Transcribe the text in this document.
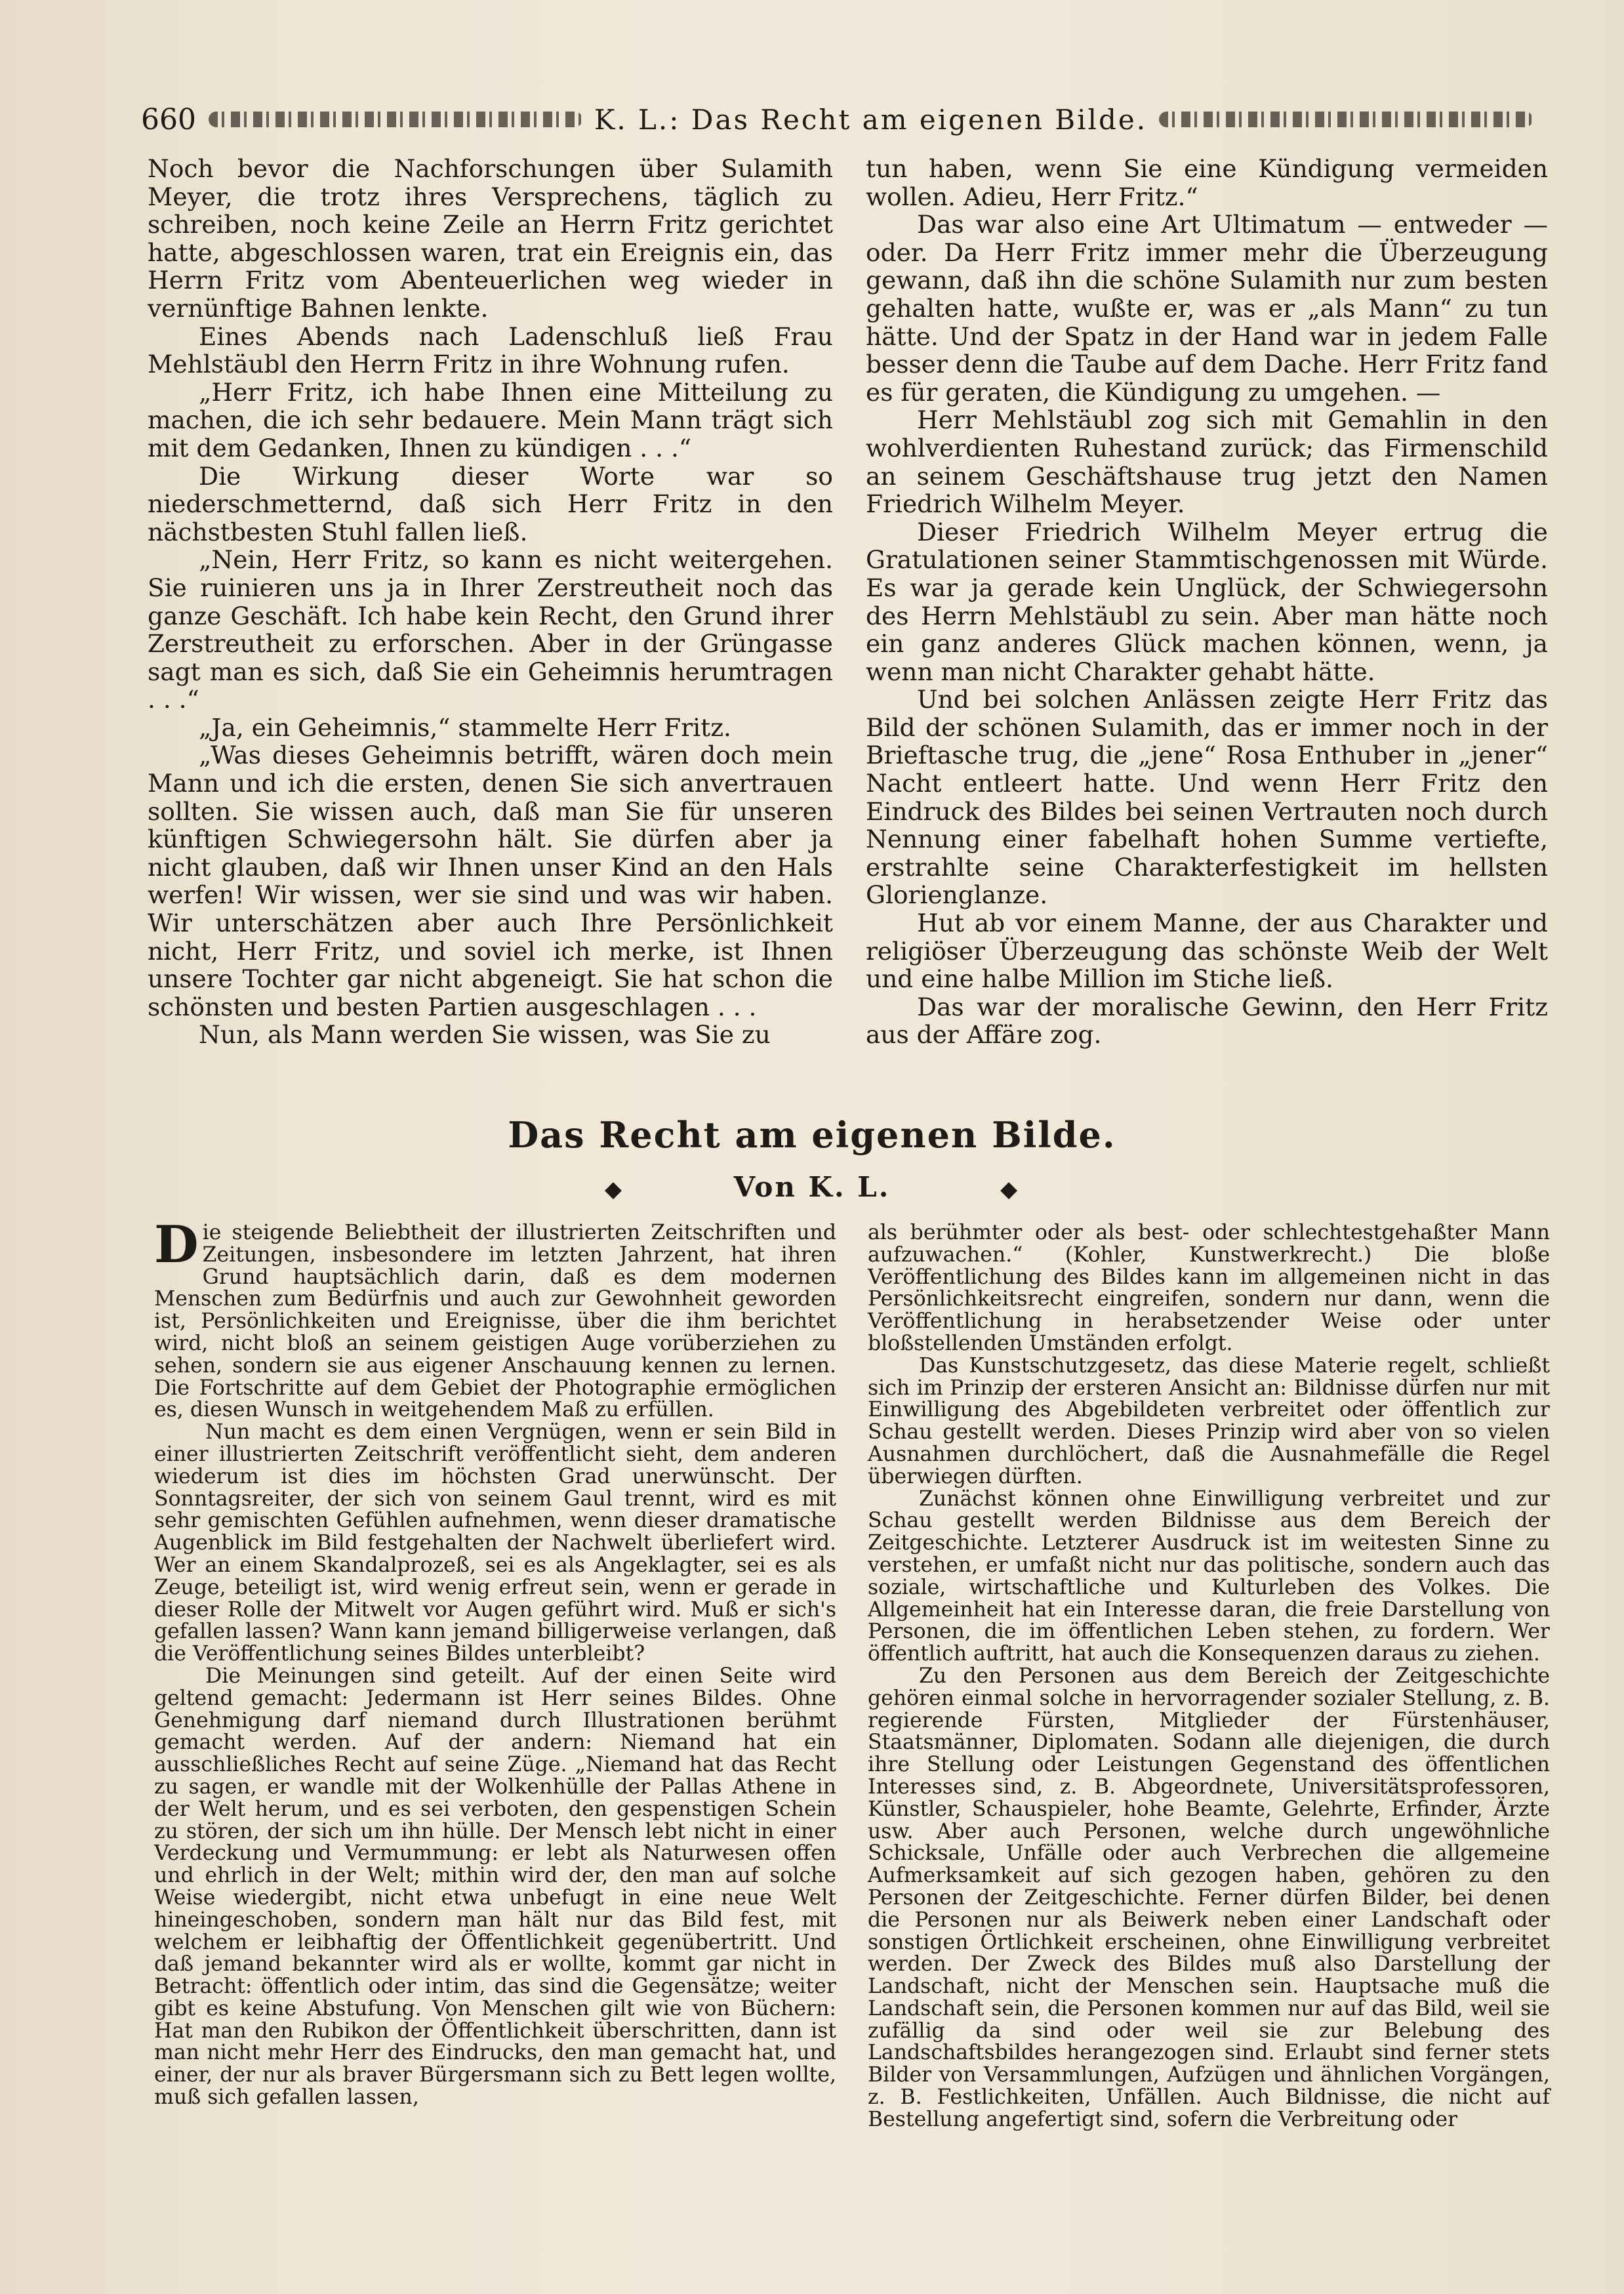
660	K. L.: Das Recht am eigenen Bilde.

Noch bevor die Nachforschungen über Sulamith Meyer, die trotz ihres Versprechens, täglich zu schreiben, noch keine Zeile an Herrn Fritz gerichtet hatte, abgeschlossen waren, trat ein Ereignis ein, das Herrn Fritz vom Abenteuerlichen weg wieder in vernünftige Bahnen lenkte.

Eines Abends nach Ladenschluß ließ Frau Mehlstäubl den Herrn Fritz in ihre Wohnung rufen.

„Herr Fritz, ich habe Ihnen eine Mitteilung zu machen, die ich sehr bedauere. Mein Mann trägt sich mit dem Gedanken, Ihnen zu kündigen . . .“

Die Wirkung dieser Worte war so niederschmetternd, daß sich Herr Fritz in den nächstbesten Stuhl fallen ließ.

„Nein, Herr Fritz, so kann es nicht weitergehen. Sie ruinieren uns ja in Ihrer Zerstreutheit noch das ganze Geschäft. Ich habe kein Recht, den Grund ihrer Zerstreutheit zu erforschen. Aber in der Grüngasse sagt man es sich, daß Sie ein Geheimnis herumtragen . . .“

„Ja, ein Geheimnis,“ stammelte Herr Fritz.

„Was dieses Geheimnis betrifft, wären doch mein Mann und ich die ersten, denen Sie sich anvertrauen sollten. Sie wissen auch, daß man Sie für unseren künftigen Schwiegersohn hält. Sie dürfen aber ja nicht glauben, daß wir Ihnen unser Kind an den Hals werfen! Wir wissen, wer sie sind und was wir haben. Wir unterschätzen aber auch Ihre Persönlichkeit nicht, Herr Fritz, und soviel ich merke, ist Ihnen unsere Tochter gar nicht abgeneigt. Sie hat schon die schönsten und besten Partien ausgeschlagen . . .

Nun, als Mann werden Sie wissen, was Sie zu

tun haben, wenn Sie eine Kündigung vermeiden wollen. Adieu, Herr Fritz.“

Das war also eine Art Ultimatum — entweder — oder. Da Herr Fritz immer mehr die Überzeugung gewann, daß ihn die schöne Sulamith nur zum besten gehalten hatte, wußte er, was er „als Mann“ zu tun hätte. Und der Spatz in der Hand war in jedem Falle besser denn die Taube auf dem Dache. Herr Fritz fand es für geraten, die Kündigung zu umgehen. —

Herr Mehlstäubl zog sich mit Gemahlin in den wohlverdienten Ruhestand zurück; das Firmenschild an seinem Geschäftshause trug jetzt den Namen Friedrich Wilhelm Meyer.

Dieser Friedrich Wilhelm Meyer ertrug die Gratulationen seiner Stammtischgenossen mit Würde. Es war ja gerade kein Unglück, der Schwiegersohn des Herrn Mehlstäubl zu sein. Aber man hätte noch ein ganz anderes Glück machen können, wenn, ja wenn man nicht Charakter gehabt hätte.

Und bei solchen Anlässen zeigte Herr Fritz das Bild der schönen Sulamith, das er immer noch in der Brieftasche trug, die „jene“ Rosa Enthuber in „jener“ Nacht entleert hatte. Und wenn Herr Fritz den Eindruck des Bildes bei seinen Vertrauten noch durch Nennung einer fabelhaft hohen Summe vertiefte, erstrahlte seine Charakterfestigkeit im hellsten Glorienglanze.

Hut ab vor einem Manne, der aus Charakter und religiöser Überzeugung das schönste Weib der Welt und eine halbe Million im Stiche ließ.

Das war der moralische Gewinn, den Herr Fritz aus der Affäre zog.

Das Recht am eigenen Bilde.
◆	Von K. L.	◆

Die steigende Beliebtheit der illustrierten Zeitschriften und Zeitungen, insbesondere im letzten Jahrzent, hat ihren Grund hauptsächlich darin, daß es dem modernen Menschen zum Bedürfnis und auch zur Gewohnheit geworden ist, Persönlichkeiten und Ereignisse, über die ihm berichtet wird, nicht bloß an seinem geistigen Auge vorüberziehen zu sehen, sondern sie aus eigener Anschauung kennen zu lernen. Die Fortschritte auf dem Gebiet der Photographie ermöglichen es, diesen Wunsch in weitgehendem Maß zu erfüllen.

Nun macht es dem einen Vergnügen, wenn er sein Bild in einer illustrierten Zeitschrift veröffentlicht sieht, dem anderen wiederum ist dies im höchsten Grad unerwünscht. Der Sonntagsreiter, der sich von seinem Gaul trennt, wird es mit sehr gemischten Gefühlen aufnehmen, wenn dieser dramatische Augenblick im Bild festgehalten der Nachwelt überliefert wird. Wer an einem Skandalprozeß, sei es als Angeklagter, sei es als Zeuge, beteiligt ist, wird wenig erfreut sein, wenn er gerade in dieser Rolle der Mitwelt vor Augen geführt wird. Muß er sich's gefallen lassen? Wann kann jemand billigerweise verlangen, daß die Veröffentlichung seines Bildes unterbleibt?

Die Meinungen sind geteilt. Auf der einen Seite wird geltend gemacht: Jedermann ist Herr seines Bildes. Ohne Genehmigung darf niemand durch Illustrationen berühmt gemacht werden. Auf der andern: Niemand hat ein ausschließliches Recht auf seine Züge. „Niemand hat das Recht zu sagen, er wandle mit der Wolkenhülle der Pallas Athene in der Welt herum, und es sei verboten, den gespenstigen Schein zu stören, der sich um ihn hülle. Der Mensch lebt nicht in einer Verdeckung und Vermummung: er lebt als Naturwesen offen und ehrlich in der Welt; mithin wird der, den man auf solche Weise wiedergibt, nicht etwa unbefugt in eine neue Welt hineingeschoben, sondern man hält nur das Bild fest, mit welchem er leibhaftig der Öffentlichkeit gegenübertritt. Und daß jemand bekannter wird als er wollte, kommt gar nicht in Betracht: öffentlich oder intim, das sind die Gegensätze; weiter gibt es keine Abstufung. Von Menschen gilt wie von Büchern: Hat man den Rubikon der Öffentlichkeit überschritten, dann ist man nicht mehr Herr des Eindrucks, den man gemacht hat, und einer, der nur als braver Bürgersmann sich zu Bett legen wollte, muß sich gefallen lassen,

als berühmter oder als best- oder schlechtestgehaßter Mann aufzuwachen.“ (Kohler, Kunstwerkrecht.) Die bloße Veröffentlichung des Bildes kann im allgemeinen nicht in das Persönlichkeitsrecht eingreifen, sondern nur dann, wenn die Veröffentlichung in herabsetzender Weise oder unter bloßstellenden Umständen erfolgt.

Das Kunstschutzgesetz, das diese Materie regelt, schließt sich im Prinzip der ersteren Ansicht an: Bildnisse dürfen nur mit Einwilligung des Abgebildeten verbreitet oder öffentlich zur Schau gestellt werden. Dieses Prinzip wird aber von so vielen Ausnahmen durchlöchert, daß die Ausnahmefälle die Regel überwiegen dürften.

Zunächst können ohne Einwilligung verbreitet und zur Schau gestellt werden Bildnisse aus dem Bereich der Zeitgeschichte. Letzterer Ausdruck ist im weitesten Sinne zu verstehen, er umfaßt nicht nur das politische, sondern auch das soziale, wirtschaftliche und Kulturleben des Volkes. Die Allgemeinheit hat ein Interesse daran, die freie Darstellung von Personen, die im öffentlichen Leben stehen, zu fordern. Wer öffentlich auftritt, hat auch die Konsequenzen daraus zu ziehen.

Zu den Personen aus dem Bereich der Zeitgeschichte gehören einmal solche in hervorragender sozialer Stellung, z. B. regierende Fürsten, Mitglieder der Fürstenhäuser, Staatsmänner, Diplomaten. Sodann alle diejenigen, die durch ihre Stellung oder Leistungen Gegenstand des öffentlichen Interesses sind, z. B. Abgeordnete, Universitätsprofessoren, Künstler, Schauspieler, hohe Beamte, Gelehrte, Erfinder, Ärzte usw. Aber auch Personen, welche durch ungewöhnliche Schicksale, Unfälle oder auch Verbrechen die allgemeine Aufmerksamkeit auf sich gezogen haben, gehören zu den Personen der Zeitgeschichte. Ferner dürfen Bilder, bei denen die Personen nur als Beiwerk neben einer Landschaft oder sonstigen Örtlichkeit erscheinen, ohne Einwilligung verbreitet werden. Der Zweck des Bildes muß also Darstellung der Landschaft, nicht der Menschen sein. Hauptsache muß die Landschaft sein, die Personen kommen nur auf das Bild, weil sie zufällig da sind oder weil sie zur Belebung des Landschaftsbildes herangezogen sind. Erlaubt sind ferner stets Bilder von Versammlungen, Aufzügen und ähnlichen Vorgängen, z. B. Festlichkeiten, Unfällen. Auch Bildnisse, die nicht auf Bestellung angefertigt sind, sofern die Verbreitung oder
